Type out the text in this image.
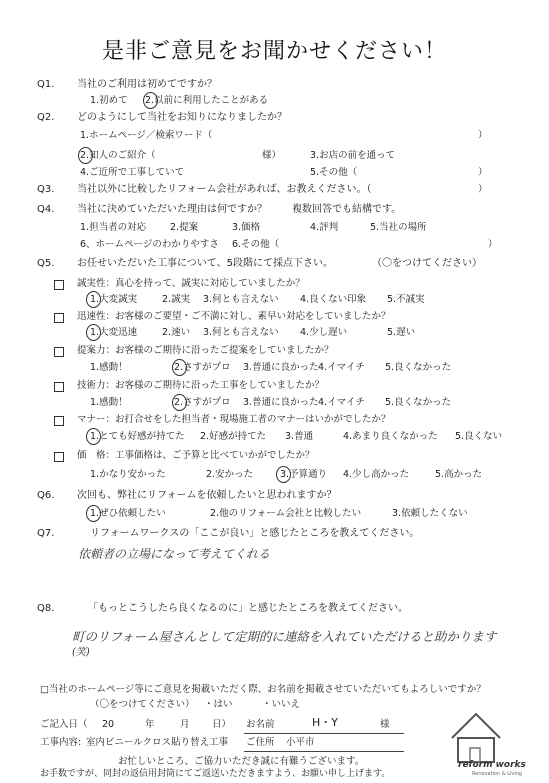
是非ご意見をお聞かせください！
Q1. 当社のご利用は初めてですか？
1.初めて 2.以前に利用したことがある
Q2. どのようにして当社をお知りになりましたか？
1.ホームページ／検索ワード（	）
2.知人のご紹介（	様）	3.お店の前を通って
4.ご近所で工事していて	5.その他（	）
Q3. 当社以外に比較したリフォーム会社があれば、お教えください。（	）
Q4. 当社に決めていただいた理由は何ですか？	複数回答でも結構です。
1.担当者の対応	2.提案	3.価格	4.評判	5.当社の場所
6、ホームページのわかりやすさ 6.その他（	）
Q5. お任せいただいた工事について、5段階にて採点下さい。	（〇をつけてください）
誠実性：真心を持って、誠実に対応していましたか？
1.大変誠実	2.誠実 3.何とも言えない 4.良くない印象 5.不誠実
迅速性：お客様のご要望・ご不満に対し、素早い対応をしていましたか？
1.大変迅速	2.速い 3.何とも言えない 4.少し遅い	5.遅い
提案力：お客様のご期待に沿ったご提案をしていましたか？
1.感動！	2.さすがプロ 3.普通に良かった 4.イマイチ 5.良くなかった
技術力：お客様のご期待に沿った工事をしていましたか？
1.感動！	2.さすがプロ 3.普通に良かった 4.イマイチ 5.良くなかった
マナー：お打合せをした担当者・現場施工者のマナーはいかがでしたか？
1.とても好感が持てた 2.好感が持てた 3.普通	4.あまり良くなかった 5.良くない
価　格：工事価格は、ご予算と比べていかがでしたか？
1.かなり安かった	2.安かった	3.予算通り 4.少し高かった	5.高かった
Q6. 次回も、弊社にリフォームを依頼したいと思われますか？
1.ぜひ依頼したい	2.他のリフォーム会社と比較したい	3.依頼したくない
Q7.	リフォームワークスの「ここが良い」と感じたところを教えてください。
依頼者の立場になって考えてくれる
Q8.	「もっとこうしたら良くなるのに」と感じたところを教えてください。
町のリフォーム屋さんとして定期的に連絡を入れていただけると助かります
(笑)
□当社のホームページ等にご意見を掲載いただく際、お名前を掲載させていただいてもよろしいですか？
（〇をつけてください） ・はい	・いいえ
ご記入日（ 20	年	月 日） お名前	H・Y	様
工事内容: 室内ビニールクロス貼り替え工事 ご住所 小平市
お忙しいところ、ご協力いただき誠に有難うございます。
お手数ですが、同封の返信用封筒にてご返送いただきますよう、お願い申し上げます。
reform works
Renovation & Living
